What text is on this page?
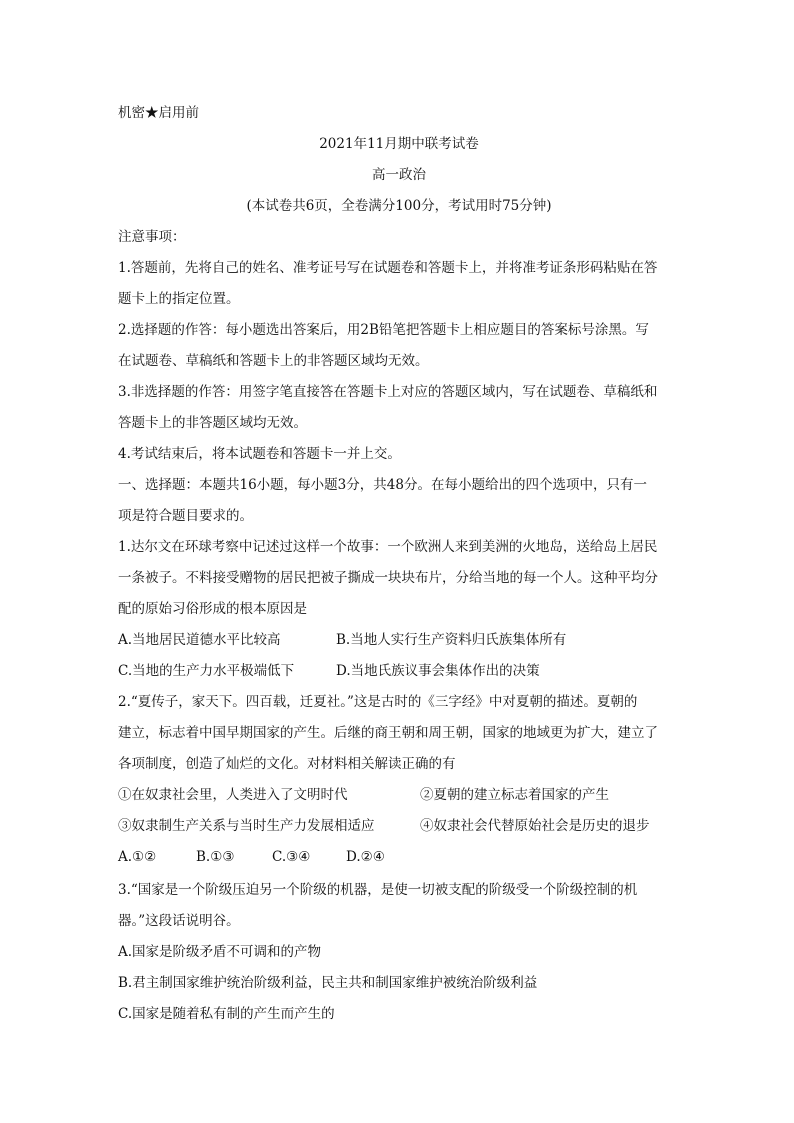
机密★启用前
2021年11月期中联考试卷
高一政治
(本试卷共6页，全卷满分100分，考试用时75分钟)
注意事项：
1.答题前，先将自己的姓名、准考证号写在试题卷和答题卡上，并将准考证条形码粘贴在答
题卡上的指定位置。
2.选择题的作答：每小题选出答案后，用2B铅笔把答题卡上相应题目的答案标号涂黑。写
在试题卷、草稿纸和答题卡上的非答题区域均无效。
3.非选择题的作答：用签字笔直接答在答题卡上对应的答题区域内，写在试题卷、草稿纸和
答题卡上的非答题区域均无效。
4.考试结束后，将本试题卷和答题卡一并上交。
一、选择题：本题共16小题，每小题3分，共48分。在每小题给出的四个选项中，只有一
项是符合题目要求的。
1.达尔文在环球考察中记述过这样一个故事：一个欧洲人来到美洲的火地岛，送给岛上居民
一条被子。不料接受赠物的居民把被子撕成一块块布片，分给当地的每一个人。这种平均分
配的原始习俗形成的根本原因是
A.当地居民道德水平比较高	B.当地人实行生产资料归氏族集体所有
C.当地的生产力水平极端低下	D.当地氏族议事会集体作出的决策
2.“夏传子，家天下。四百载，迁夏社。”这是古时的《三字经》中对夏朝的描述。夏朝的
建立，标志着中国早期国家的产生。后继的商王朝和周王朝，国家的地域更为扩大，建立了
各项制度，创造了灿烂的文化。对材料相关解读正确的有
①在奴隶社会里，人类进入了文明时代	②夏朝的建立标志着国家的产生
③奴隶制生产关系与当时生产力发展相适应	④奴隶社会代替原始社会是历史的退步
A.①②	B.①③	C.③④	D.②④
3.“国家是一个阶级压迫另一个阶级的机器，是使一切被支配的阶级受一个阶级控制的机
器。”这段话说明谷。
A.国家是阶级矛盾不可调和的产物
B.君主制国家维护统治阶级利益，民主共和制国家维护被统治阶级利益
C.国家是随着私有制的产生而产生的
